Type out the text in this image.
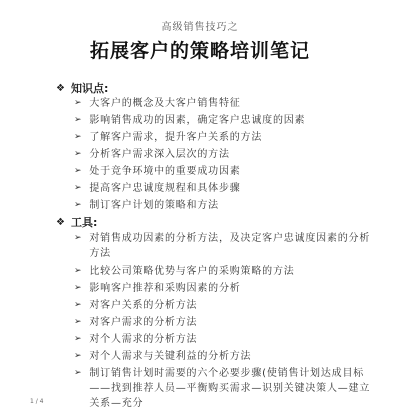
高级销售技巧之
拓展客户的策略培训笔记
❖ 知识点:
➢ 大客户的概念及大客户销售特征
➢ 影响销售成功的因素，确定客户忠诚度的因素
➢ 了解客户需求，提升客户关系的方法
➢ 分析客户需求深入层次的方法
➢ 处于竞争环境中的重要成功因素
➢ 提高客户忠诚度规程和具体步骤
➢ 制订客户计划的策略和方法
❖ 工具:
➢ 对销售成功因素的分析方法，及决定客户忠诚度因素的分析方法
➢ 比较公司策略优势与客户的采购策略的方法
➢ 影响客户推荐和采购因素的分析
➢ 对客户关系的分析方法
➢ 对客户需求的分析方法
➢ 对个人需求的分析方法
➢ 对个人需求与关键利益的分析方法
➢ 制订销售计划时需要的六个必要步骤(使销售计划达成目标——找到推荐人员—平衡购买需求—识别关键决策人—建立关系—充分
1 / 4
